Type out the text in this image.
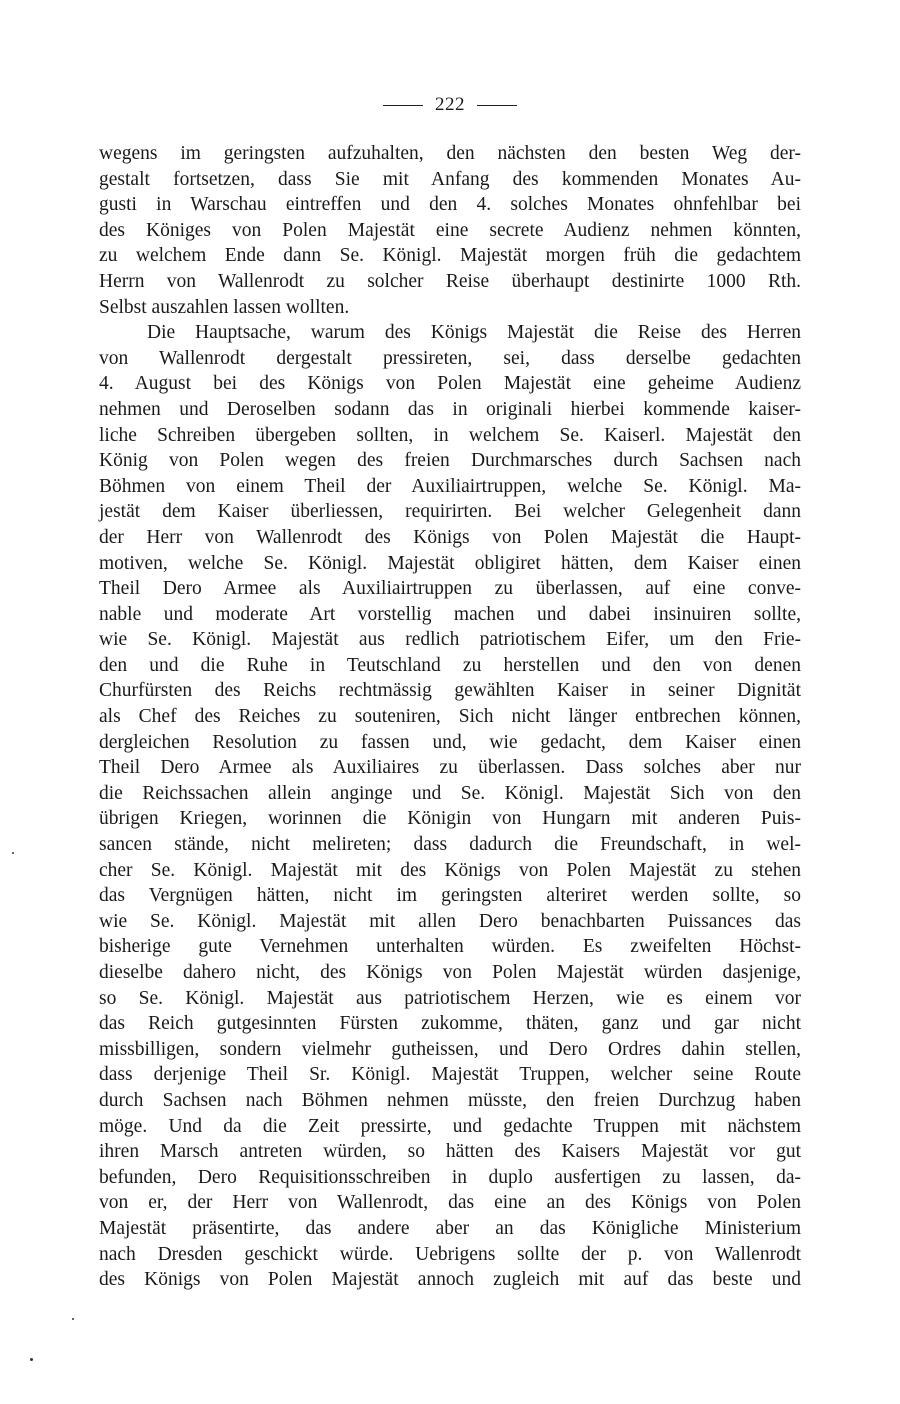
222
wegens im geringsten aufzuhalten, den nächsten den besten Weg der-
gestalt fortsetzen, dass Sie mit Anfang des kommenden Monates Au-
gusti in Warschau eintreffen und den 4. solches Monates ohnfehlbar bei
des Königes von Polen Majestät eine secrete Audienz nehmen könnten,
zu welchem Ende dann Se. Königl. Majestät morgen früh die gedachtem
Herrn von Wallenrodt zu solcher Reise überhaupt destinirte 1000 Rth.
Selbst auszahlen lassen wollten.
Die Hauptsache, warum des Königs Majestät die Reise des Herren
von Wallenrodt dergestalt pressireten, sei, dass derselbe gedachten
4. August bei des Königs von Polen Majestät eine geheime Audienz
nehmen und Deroselben sodann das in originali hierbei kommende kaiser-
liche Schreiben übergeben sollten, in welchem Se. Kaiserl. Majestät den
König von Polen wegen des freien Durchmarsches durch Sachsen nach
Böhmen von einem Theil der Auxiliairtruppen, welche Se. Königl. Ma-
jestät dem Kaiser überliessen, requirirten. Bei welcher Gelegenheit dann
der Herr von Wallenrodt des Königs von Polen Majestät die Haupt-
motiven, welche Se. Königl. Majestät obligiret hätten, dem Kaiser einen
Theil Dero Armee als Auxiliairtruppen zu überlassen, auf eine conve-
nable und moderate Art vorstellig machen und dabei insinuiren sollte,
wie Se. Königl. Majestät aus redlich patriotischem Eifer, um den Frie-
den und die Ruhe in Teutschland zu herstellen und den von denen
Churfürsten des Reichs rechtmässig gewählten Kaiser in seiner Dignität
als Chef des Reiches zu souteniren, Sich nicht länger entbrechen können,
dergleichen Resolution zu fassen und, wie gedacht, dem Kaiser einen
Theil Dero Armee als Auxiliaires zu überlassen. Dass solches aber nur
die Reichssachen allein anginge und Se. Königl. Majestät Sich von den
übrigen Kriegen, worinnen die Königin von Hungarn mit anderen Puis-
sancen stände, nicht melireten; dass dadurch die Freundschaft, in wel-
cher Se. Königl. Majestät mit des Königs von Polen Majestät zu stehen
das Vergnügen hätten, nicht im geringsten alteriret werden sollte, so
wie Se. Königl. Majestät mit allen Dero benachbarten Puissances das
bisherige gute Vernehmen unterhalten würden. Es zweifelten Höchst-
dieselbe dahero nicht, des Königs von Polen Majestät würden dasjenige,
so Se. Königl. Majestät aus patriotischem Herzen, wie es einem vor
das Reich gutgesinnten Fürsten zukomme, thäten, ganz und gar nicht
missbilligen, sondern vielmehr gutheissen, und Dero Ordres dahin stellen,
dass derjenige Theil Sr. Königl. Majestät Truppen, welcher seine Route
durch Sachsen nach Böhmen nehmen müsste, den freien Durchzug haben
möge. Und da die Zeit pressirte, und gedachte Truppen mit nächstem
ihren Marsch antreten würden, so hätten des Kaisers Majestät vor gut
befunden, Dero Requisitionsschreiben in duplo ausfertigen zu lassen, da-
von er, der Herr von Wallenrodt, das eine an des Königs von Polen
Majestät präsentirte, das andere aber an das Königliche Ministerium
nach Dresden geschickt würde. Uebrigens sollte der p. von Wallenrodt
des Königs von Polen Majestät annoch zugleich mit auf das beste und
